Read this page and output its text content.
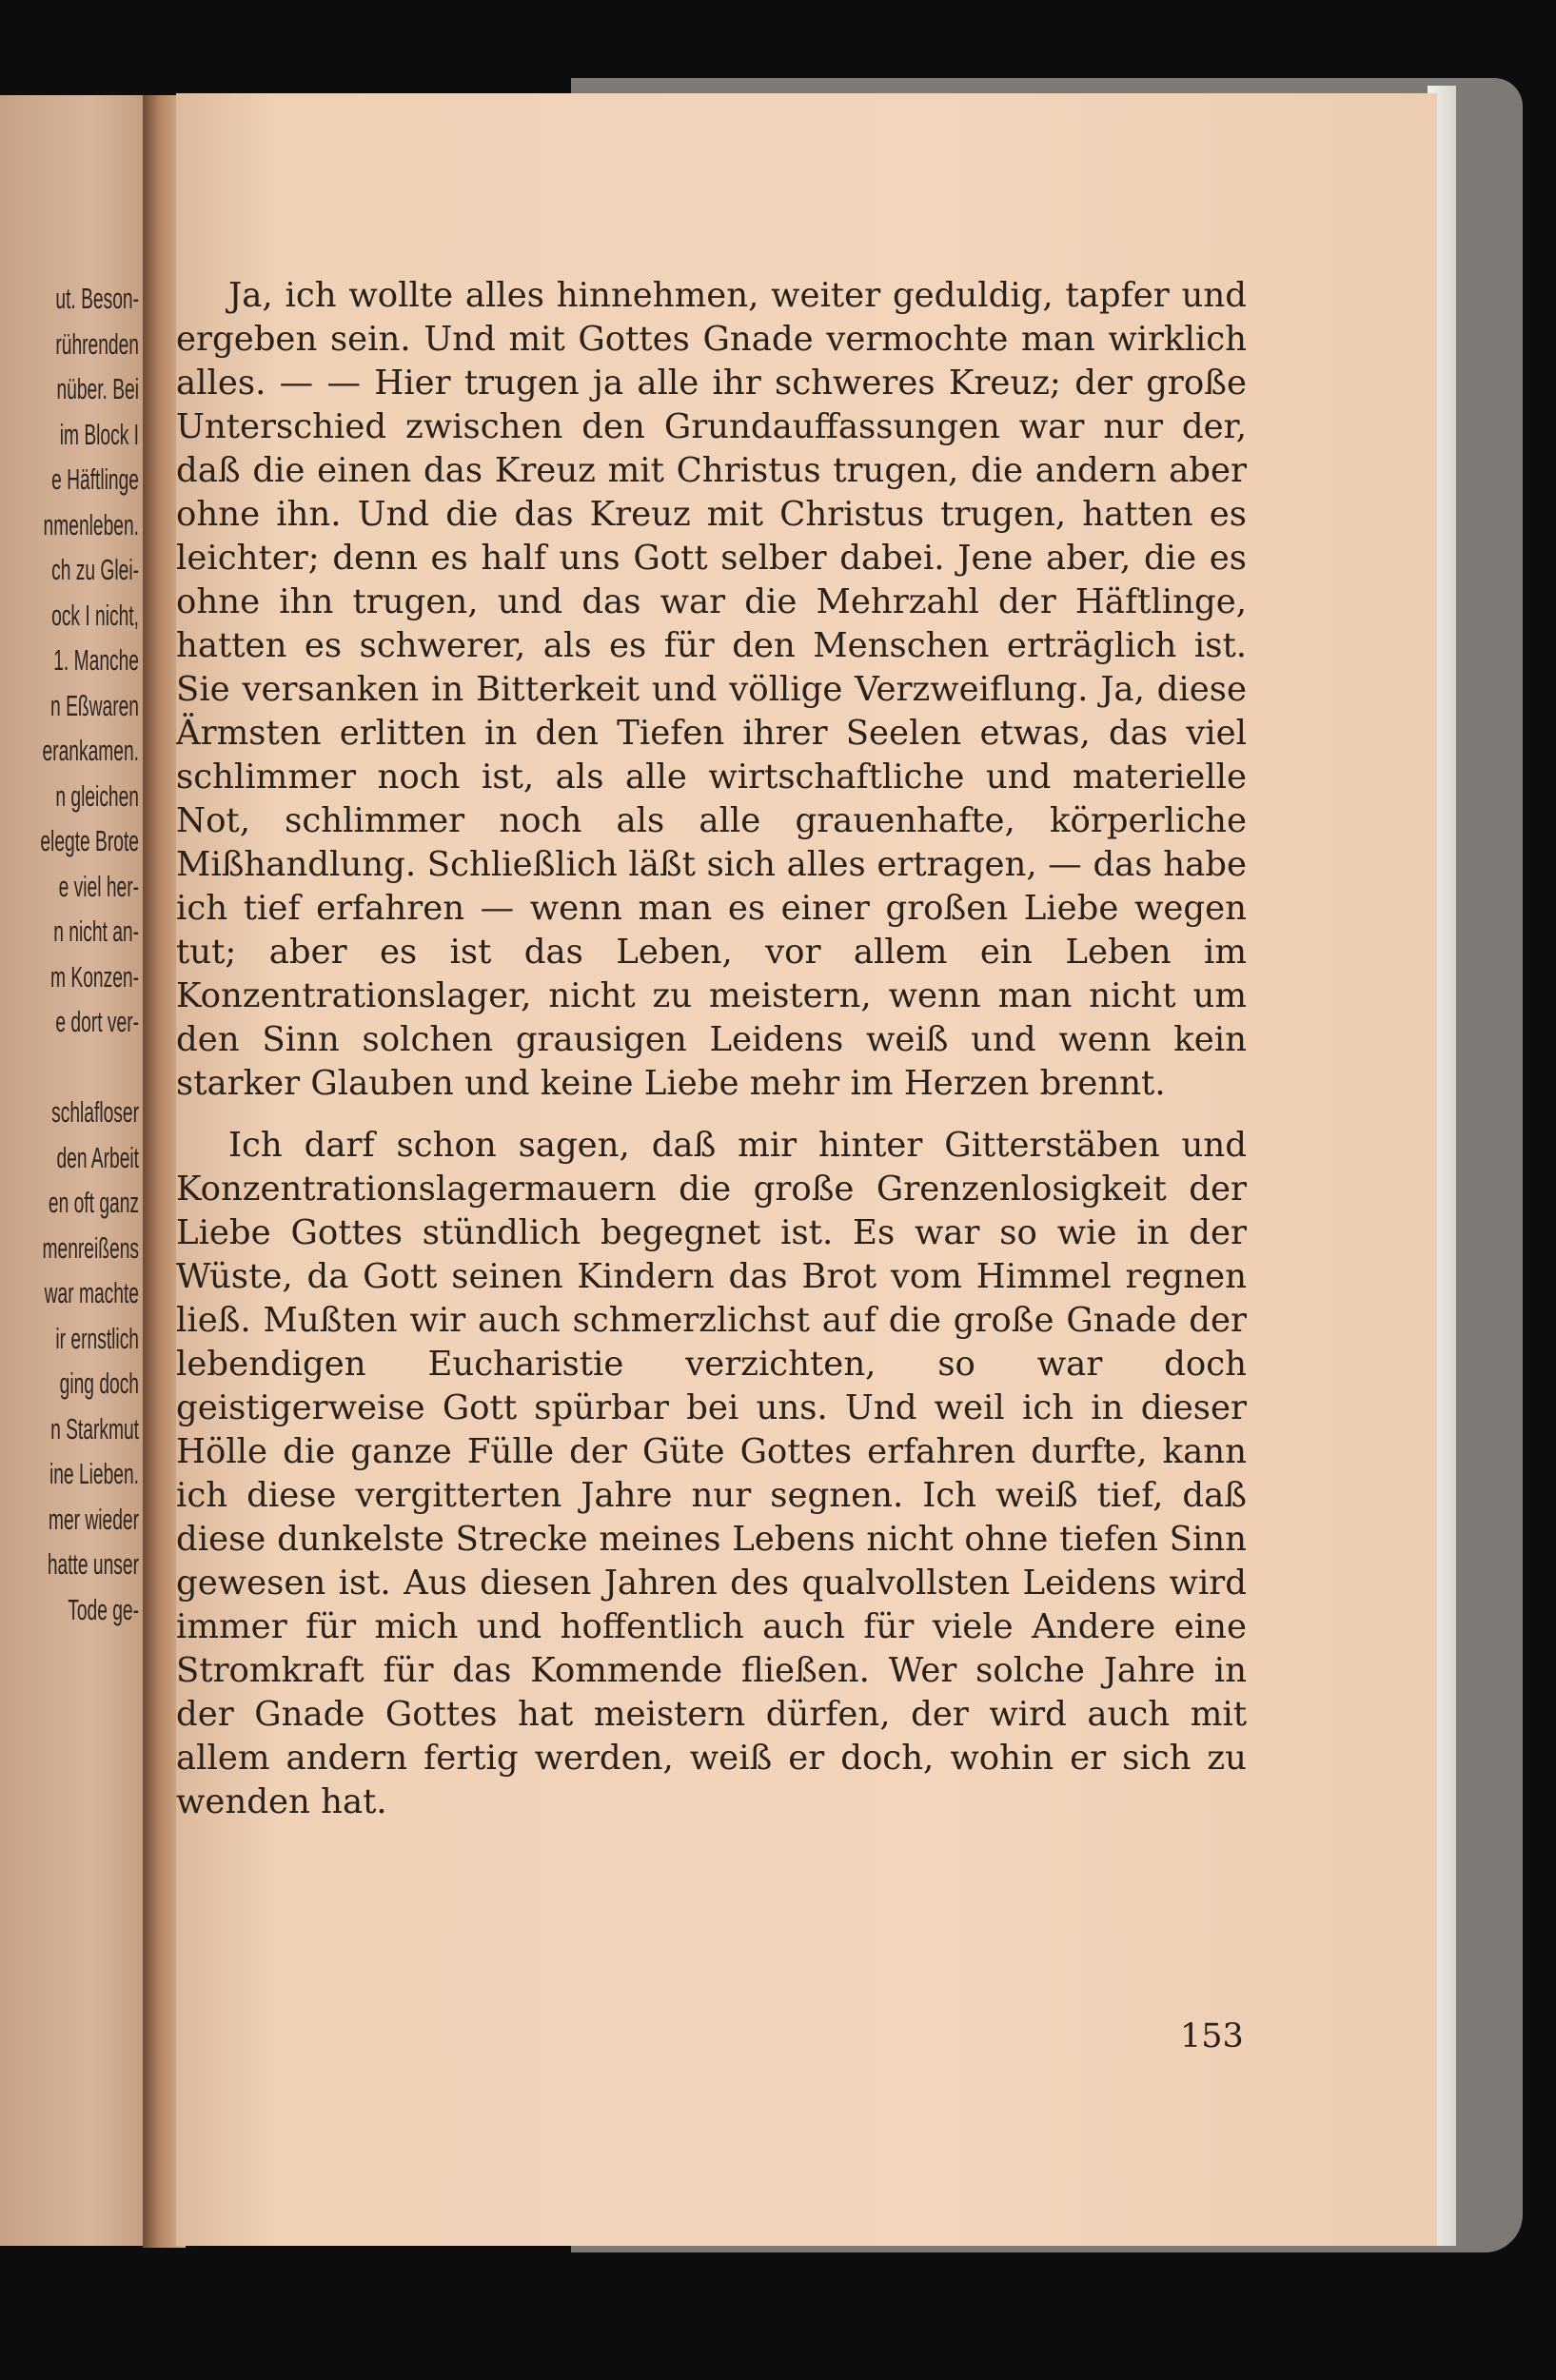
ut. Beson-
rührenden
nüber. Bei
im Block I
e Häftlinge
nmenleben.
ch zu Glei-
ock I nicht,
1. Manche
n Eßwaren
erankamen.
n gleichen
elegte Brote
e viel her-
n nicht an-
m Konzen-
e dort ver-
schlafloser
den Arbeit
en oft ganz
menreißens
war machte
ir ernstlich
ging doch
n Starkmut
ine Lieben.
mer wieder
hatte unser
Tode ge-

Ja, ich wollte alles hinnehmen, weiter geduldig, tapfer und ergeben sein. Und mit Gottes Gnade vermochte man wirklich alles. — — Hier trugen ja alle ihr schweres Kreuz; der große Unterschied zwischen den Grundauffassungen war nur der, daß die einen das Kreuz mit Christus trugen, die andern aber ohne ihn. Und die das Kreuz mit Christus trugen, hatten es leichter; denn es half uns Gott selber dabei. Jene aber, die es ohne ihn trugen, und das war die Mehrzahl der Häftlinge, hatten es schwerer, als es für den Menschen erträglich ist. Sie versanken in Bitterkeit und völlige Verzweiflung. Ja, diese Ärmsten erlitten in den Tiefen ihrer Seelen etwas, das viel schlimmer noch ist, als alle wirtschaftliche und materielle Not, schlimmer noch als alle grauenhafte, körperliche Mißhandlung. Schließlich läßt sich alles ertragen, — das habe ich tief erfahren — wenn man es einer großen Liebe wegen tut; aber es ist das Leben, vor allem ein Leben im Konzentrationslager, nicht zu meistern, wenn man nicht um den Sinn solchen grausigen Leidens weiß und wenn kein starker Glauben und keine Liebe mehr im Herzen brennt.

Ich darf schon sagen, daß mir hinter Gitterstäben und Konzentrationslagermauern die große Grenzenlosigkeit der Liebe Gottes stündlich begegnet ist. Es war so wie in der Wüste, da Gott seinen Kindern das Brot vom Himmel regnen ließ. Mußten wir auch schmerzlichst auf die große Gnade der lebendigen Eucharistie verzichten, so war doch geistigerweise Gott spürbar bei uns. Und weil ich in dieser Hölle die ganze Fülle der Güte Gottes erfahren durfte, kann ich diese vergitterten Jahre nur segnen. Ich weiß tief, daß diese dunkelste Strecke meines Lebens nicht ohne tiefen Sinn gewesen ist. Aus diesen Jahren des qualvollsten Leidens wird immer für mich und hoffentlich auch für viele Andere eine Stromkraft für das Kommende fließen. Wer solche Jahre in der Gnade Gottes hat meistern dürfen, der wird auch mit allem andern fertig werden, weiß er doch, wohin er sich zu wenden hat.

153
